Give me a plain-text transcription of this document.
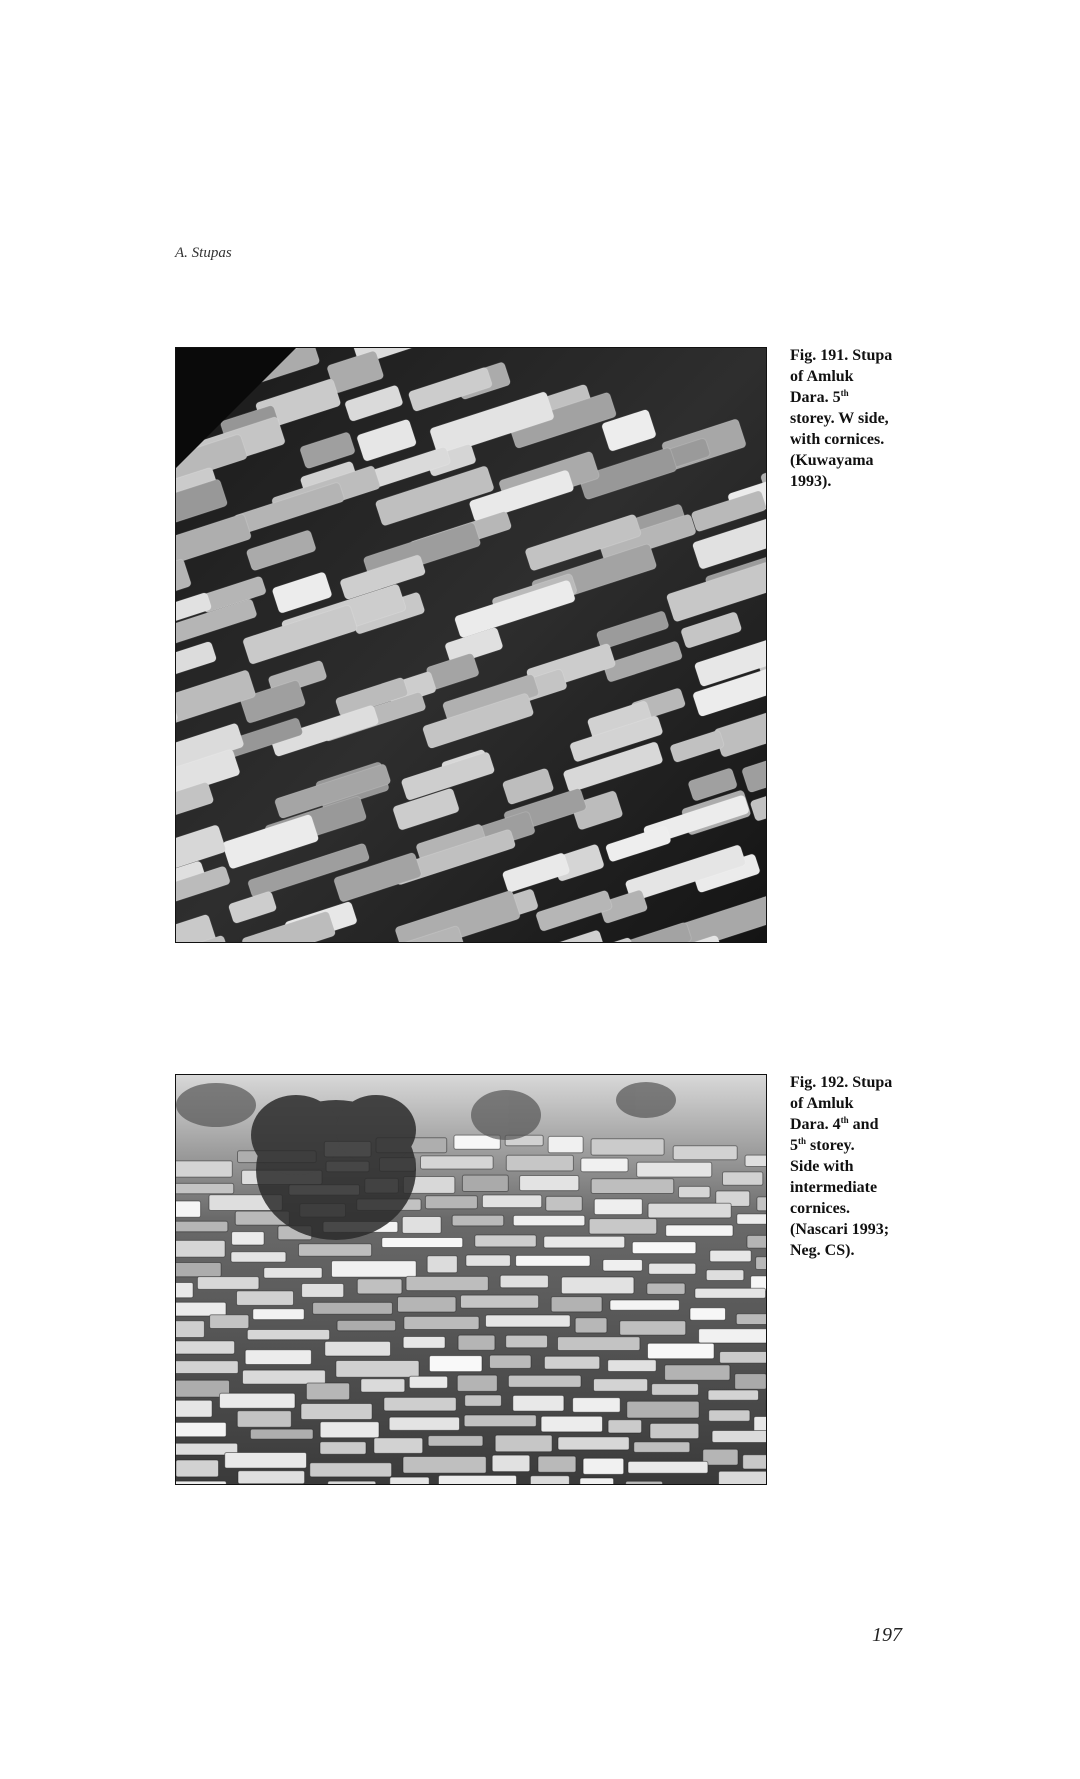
A. Stupas
Fig. 191. Stupa
of Amluk
Dara. 5th
storey. W side,
with cornices.
(Kuwayama
1993).
Fig. 192. Stupa
of Amluk
Dara. 4th and
5th storey.
Side with
intermediate
cornices.
(Nascari 1993;
Neg. CS).
197
